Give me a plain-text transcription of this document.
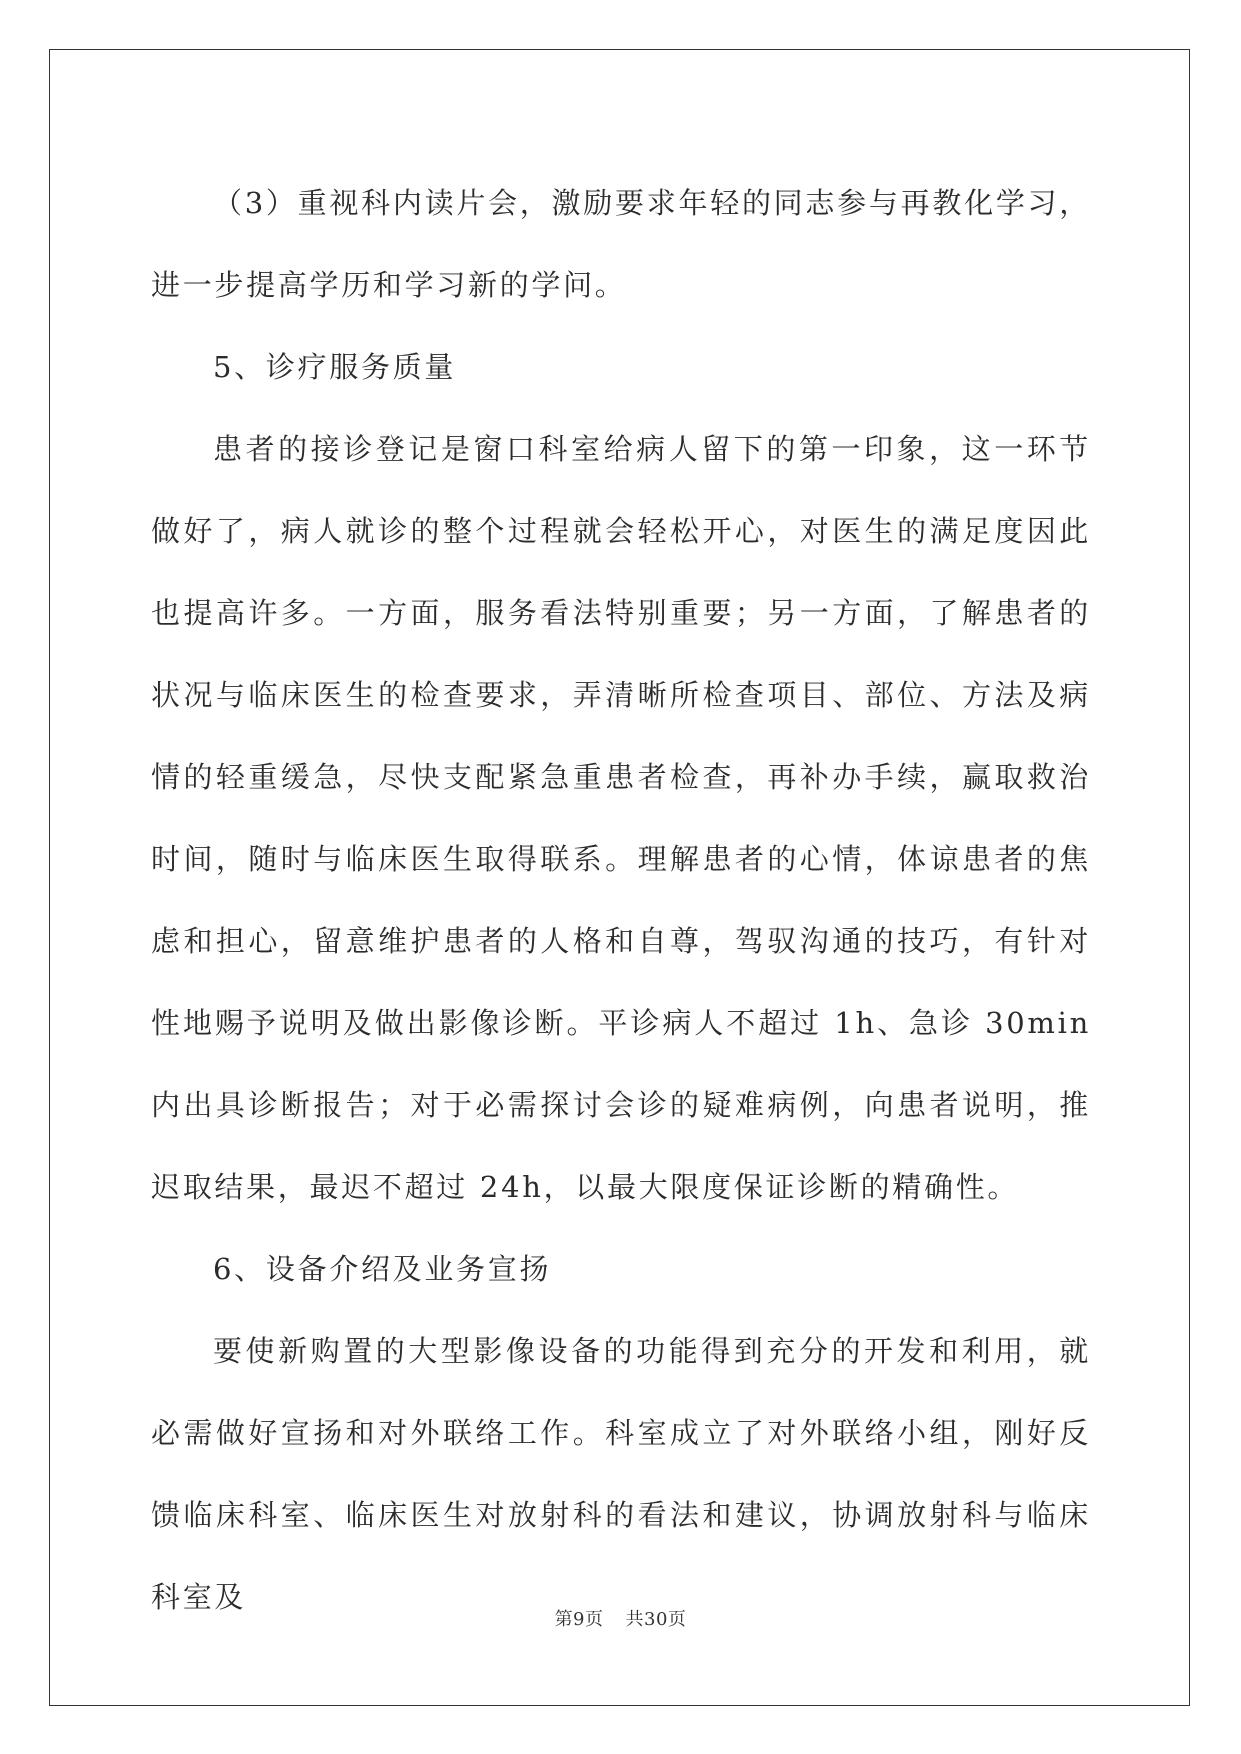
（3）重视科内读片会，激励要求年轻的同志参与再教化学习，进一步提高学历和学习新的学问。

5、诊疗服务质量

患者的接诊登记是窗口科室给病人留下的第一印象，这一环节做好了，病人就诊的整个过程就会轻松开心，对医生的满足度因此也提高许多。一方面，服务看法特别重要；另一方面，了解患者的状况与临床医生的检查要求，弄清晰所检查项目、部位、方法及病情的轻重缓急，尽快支配紧急重患者检查，再补办手续，赢取救治时间，随时与临床医生取得联系。理解患者的心情，体谅患者的焦虑和担心，留意维护患者的人格和自尊，驾驭沟通的技巧，有针对性地赐予说明及做出影像诊断。平诊病人不超过 1h、急诊 30min 内出具诊断报告；对于必需探讨会诊的疑难病例，向患者说明，推迟取结果，最迟不超过 24h，以最大限度保证诊断的精确性。

6、设备介绍及业务宣扬

要使新购置的大型影像设备的功能得到充分的开发和利用，就必需做好宣扬和对外联络工作。科室成立了对外联络小组，刚好反馈临床科室、临床医生对放射科的看法和建议，协调放射科与临床科室及

第9页 共30页
